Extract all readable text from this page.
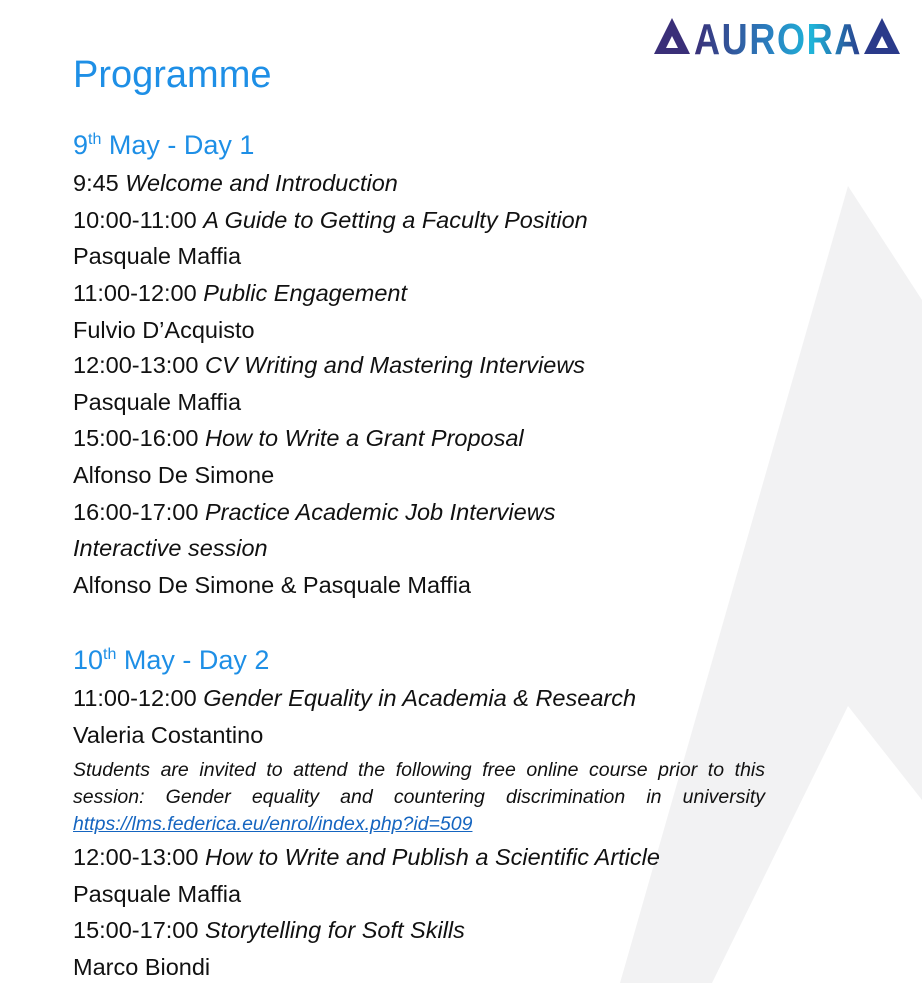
AURORA
Programme
9th May - Day 1
9:45 Welcome and Introduction
10:00-11:00 A Guide to Getting a Faculty Position
Pasquale Maffia
11:00-12:00 Public Engagement
Fulvio D’Acquisto
12:00-13:00 CV Writing and Mastering Interviews
Pasquale Maffia
15:00-16:00 How to Write a Grant Proposal
Alfonso De Simone
16:00-17:00 Practice Academic Job Interviews
Interactive session
Alfonso De Simone & Pasquale Maffia
10th May - Day 2
11:00-12:00 Gender Equality in Academia & Research
Valeria Costantino
Students are invited to attend the following free online course prior to this session: Gender equality and countering discrimination in university https://lms.federica.eu/enrol/index.php?id=509
12:00-13:00 How to Write and Publish a Scientific Article
Pasquale Maffia
15:00-17:00 Storytelling for Soft Skills
Marco Biondi
